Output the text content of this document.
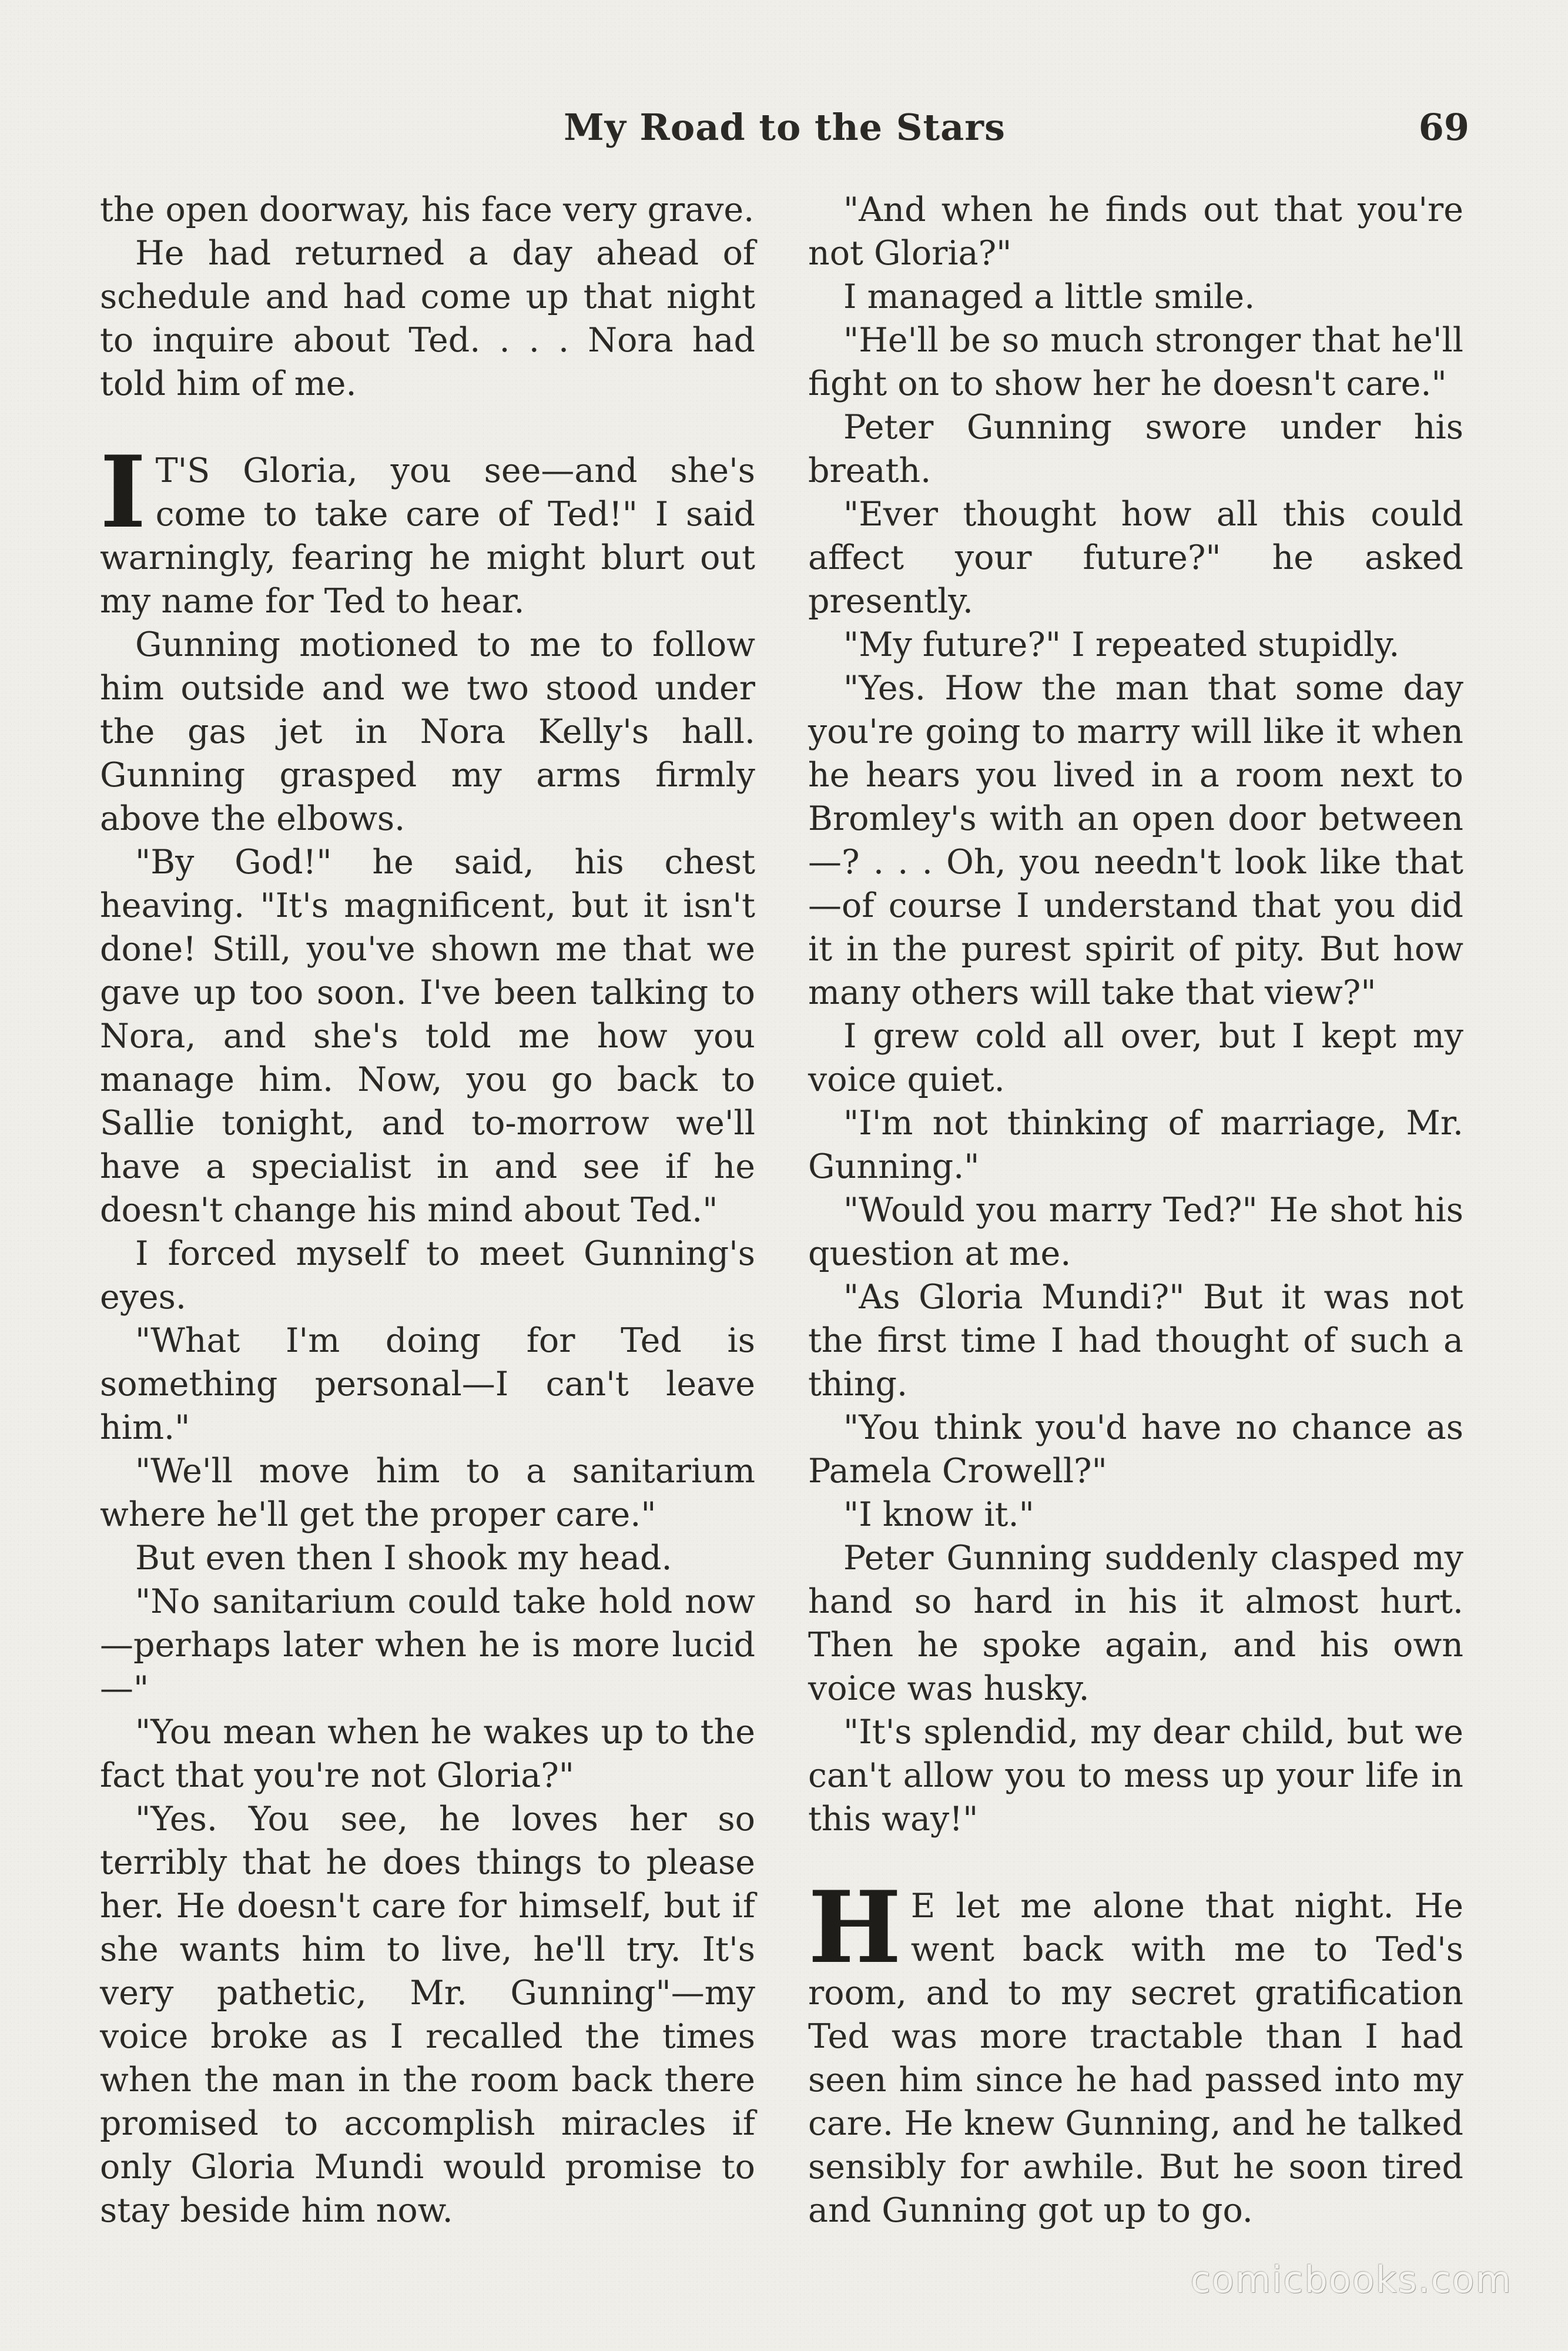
My Road to the Stars	69

the open doorway, his face very grave.

He had returned a day ahead of schedule and had come up that night to inquire about Ted. . . . Nora had told him of me.

I T'S Gloria, you see—and she's come to take care of Ted!" I said warningly, fearing he might blurt out my name for Ted to hear.

Gunning motioned to me to follow him outside and we two stood under the gas jet in Nora Kelly's hall. Gunning grasped my arms firmly above the elbows.

"By God!" he said, his chest heaving. "It's magnificent, but it isn't done! Still, you've shown me that we gave up too soon. I've been talking to Nora, and she's told me how you manage him. Now, you go back to Sallie tonight, and to-morrow we'll have a specialist in and see if he doesn't change his mind about Ted."

I forced myself to meet Gunning's eyes.

"What I'm doing for Ted is something personal—I can't leave him."

"We'll move him to a sanitarium where he'll get the proper care."

But even then I shook my head.

"No sanitarium could take hold now—perhaps later when he is more lucid—"

"You mean when he wakes up to the fact that you're not Gloria?"

"Yes. You see, he loves her so terribly that he does things to please her. He doesn't care for himself, but if she wants him to live, he'll try. It's very pathetic, Mr. Gunning"—my voice broke as I recalled the times when the man in the room back there promised to accomplish miracles if only Gloria Mundi would promise to stay beside him now.

"And when he finds out that you're not Gloria?"

I managed a little smile.

"He'll be so much stronger that he'll fight on to show her he doesn't care."

Peter Gunning swore under his breath.

"Ever thought how all this could affect your future?" he asked presently.

"My future?" I repeated stupidly.

"Yes. How the man that some day you're going to marry will like it when he hears you lived in a room next to Bromley's with an open door between—? . . . Oh, you needn't look like that—of course I understand that you did it in the purest spirit of pity. But how many others will take that view?"

I grew cold all over, but I kept my voice quiet.

"I'm not thinking of marriage, Mr. Gunning."

"Would you marry Ted?" He shot his question at me.

"As Gloria Mundi?" But it was not the first time I had thought of such a thing.

"You think you'd have no chance as Pamela Crowell?"

"I know it."

Peter Gunning suddenly clasped my hand so hard in his it almost hurt. Then he spoke again, and his own voice was husky.

"It's splendid, my dear child, but we can't allow you to mess up your life in this way!"

H E let me alone that night. He went back with me to Ted's room, and to my secret gratification Ted was more tractable than I had seen him since he had passed into my care. He knew Gunning, and he talked sensibly for awhile. But he soon tired and Gunning got up to go.

comicbooks.com
